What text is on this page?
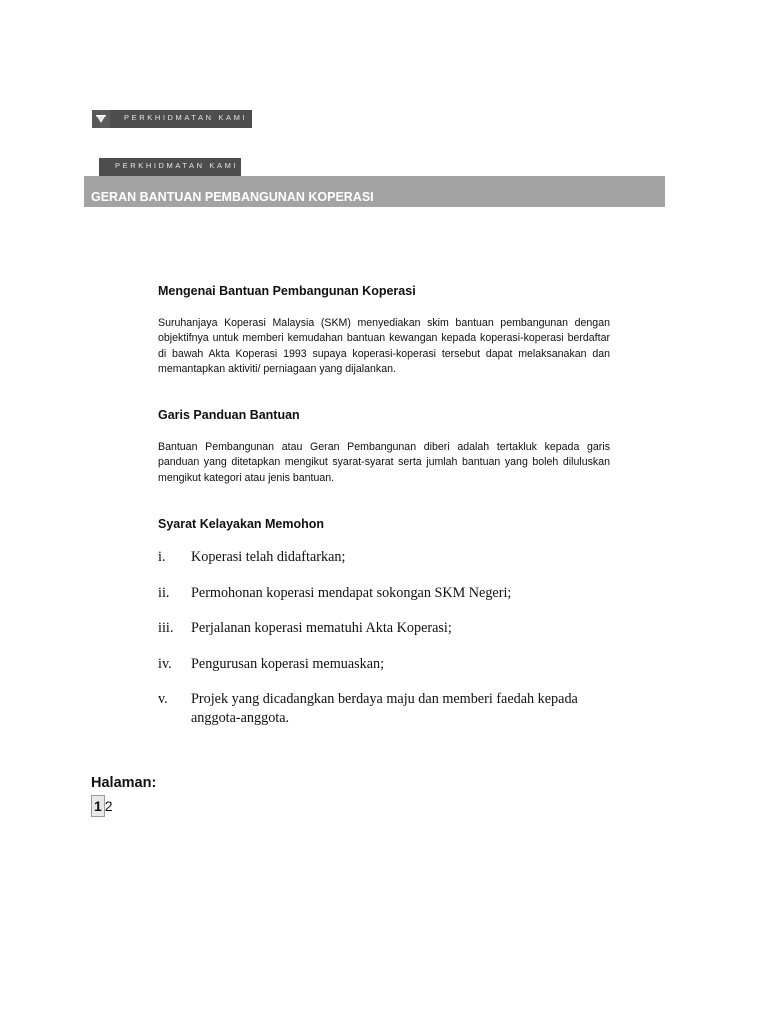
PERKHIDMATAN KAMI
PERKHIDMATAN KAMI
GERAN BANTUAN PEMBANGUNAN KOPERASI
Mengenai Bantuan Pembangunan Koperasi

Suruhanjaya Koperasi Malaysia (SKM) menyediakan skim bantuan pembangunan dengan objektifnya untuk memberi kemudahan bantuan kewangan kepada koperasi-koperasi berdaftar di bawah Akta Koperasi 1993 supaya koperasi-koperasi tersebut dapat melaksanakan dan memantapkan aktiviti/ perniagaan yang dijalankan.

Garis Panduan Bantuan

Bantuan Pembangunan atau Geran Pembangunan diberi adalah tertakluk kepada garis panduan yang ditetapkan mengikut syarat-syarat serta jumlah bantuan yang boleh diluluskan mengikut kategori atau jenis bantuan.

Syarat Kelayakan Memohon
i. Koperasi telah didaftarkan;
ii. Permohonan koperasi mendapat sokongan SKM Negeri;
iii. Perjalanan koperasi mematuhi Akta Koperasi;
iv. Pengurusan koperasi memuaskan;
v. Projek yang dicadangkan berdaya maju dan memberi faedah kepada anggota-anggota.
Halaman:
1 2
